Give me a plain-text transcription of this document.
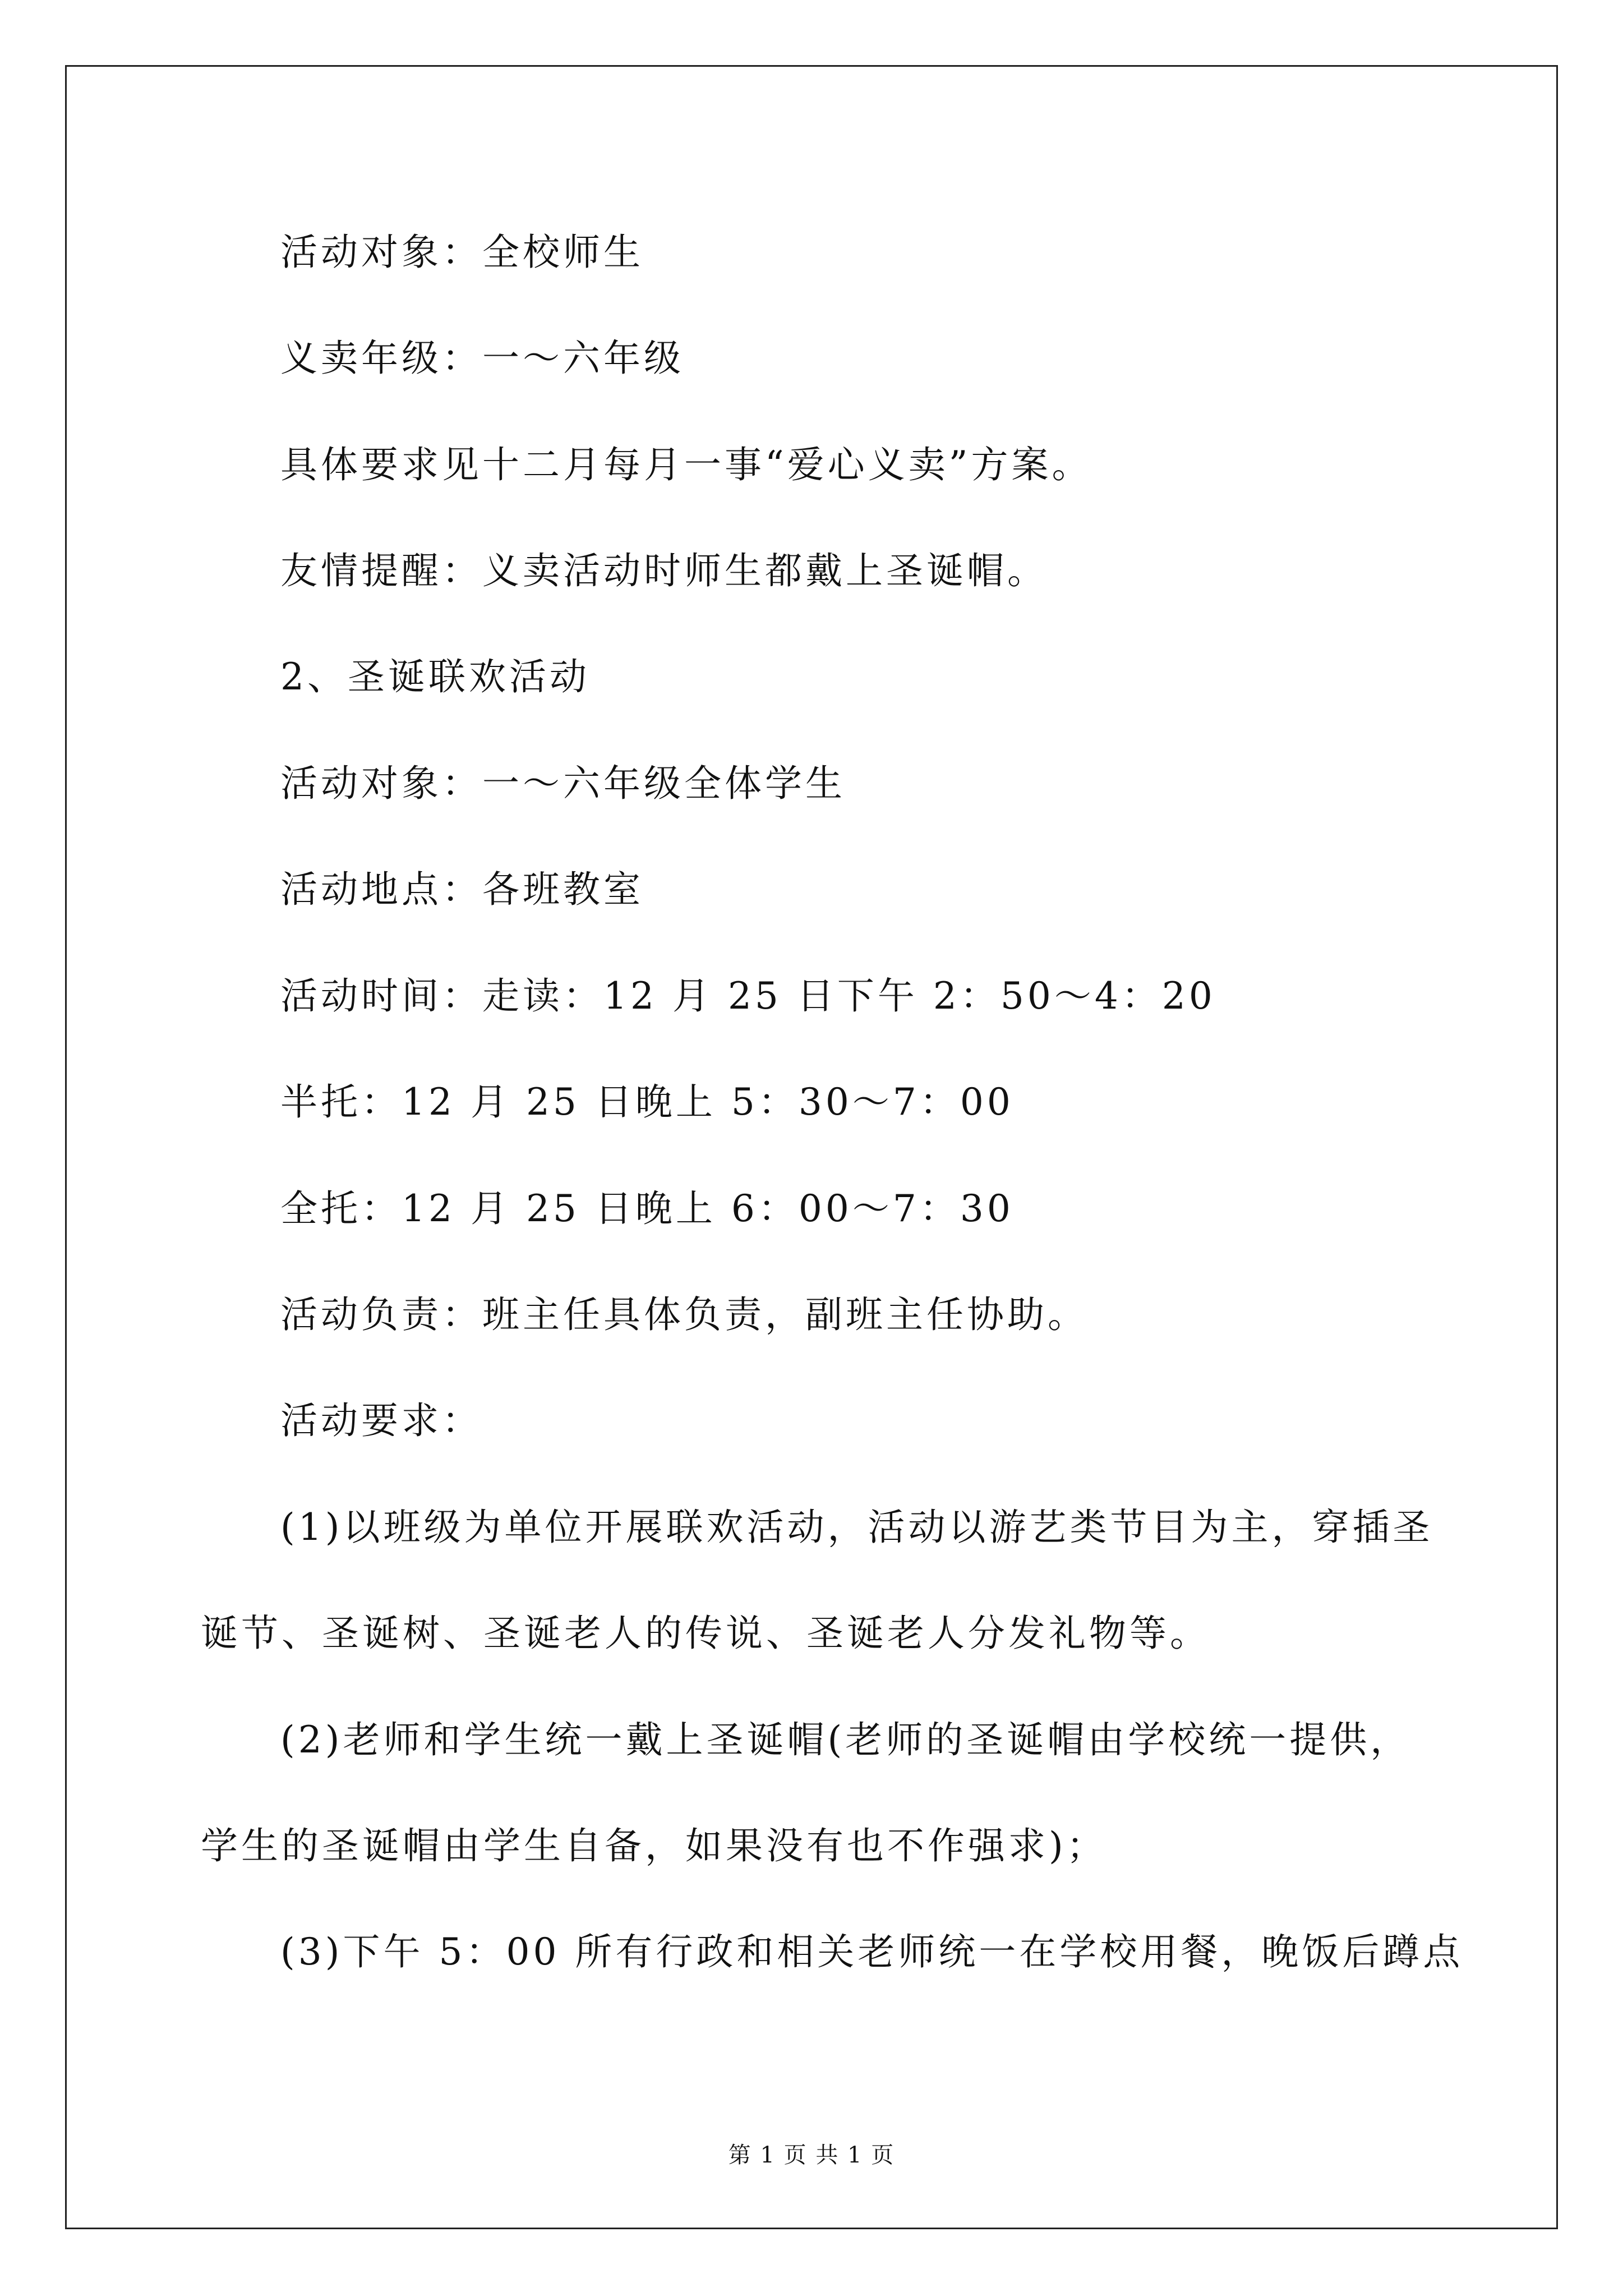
活动对象：全校师生

义卖年级：一～六年级

具体要求见十二月每月一事“爱心义卖”方案。

友情提醒：义卖活动时师生都戴上圣诞帽。

2、圣诞联欢活动

活动对象：一～六年级全体学生

活动地点：各班教室

活动时间：走读：12 月 25 日下午 2：50～4：20

半托：12 月 25 日晚上 5：30～7：00

全托：12 月 25 日晚上 6：00～7：30

活动负责：班主任具体负责，副班主任协助。

活动要求：

(1)以班级为单位开展联欢活动，活动以游艺类节目为主，穿插圣

诞节、圣诞树、圣诞老人的传说、圣诞老人分发礼物等。

(2)老师和学生统一戴上圣诞帽(老师的圣诞帽由学校统一提供，

学生的圣诞帽由学生自备，如果没有也不作强求)；

(3)下午 5：00 所有行政和相关老师统一在学校用餐，晚饭后蹲点

第 1 页 共 1 页
